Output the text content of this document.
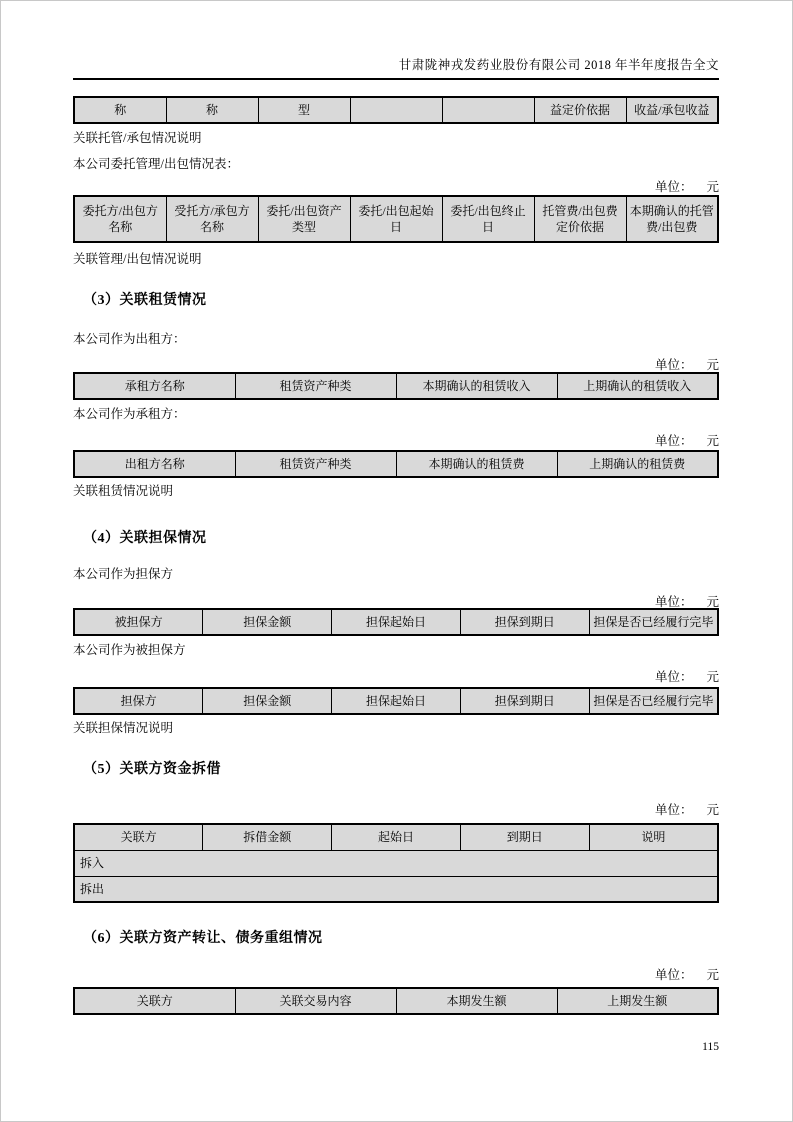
甘肃陇神戎发药业股份有限公司 2018 年半年度报告全文
称	称	型			益定价依据	收益/承包收益
关联托管/承包情况说明
本公司委托管理/出包情况表：
单位： 元
委托方/出包方名称	受托方/承包方名称	委托/出包资产类型	委托/出包起始日	委托/出包终止日	托管费/出包费定价依据	本期确认的托管费/出包费
关联管理/出包情况说明
（3）关联租赁情况
本公司作为出租方：
单位： 元
承租方名称	租赁资产种类	本期确认的租赁收入	上期确认的租赁收入
本公司作为承租方：
单位： 元
出租方名称	租赁资产种类	本期确认的租赁费	上期确认的租赁费
关联租赁情况说明
（4）关联担保情况
本公司作为担保方
单位： 元
被担保方	担保金额	担保起始日	担保到期日	担保是否已经履行完毕
本公司作为被担保方
单位： 元
担保方	担保金额	担保起始日	担保到期日	担保是否已经履行完毕
关联担保情况说明
（5）关联方资金拆借
单位： 元
关联方	拆借金额	起始日	到期日	说明
拆入
拆出
（6）关联方资产转让、债务重组情况
单位： 元
关联方	关联交易内容	本期发生额	上期发生额
115
